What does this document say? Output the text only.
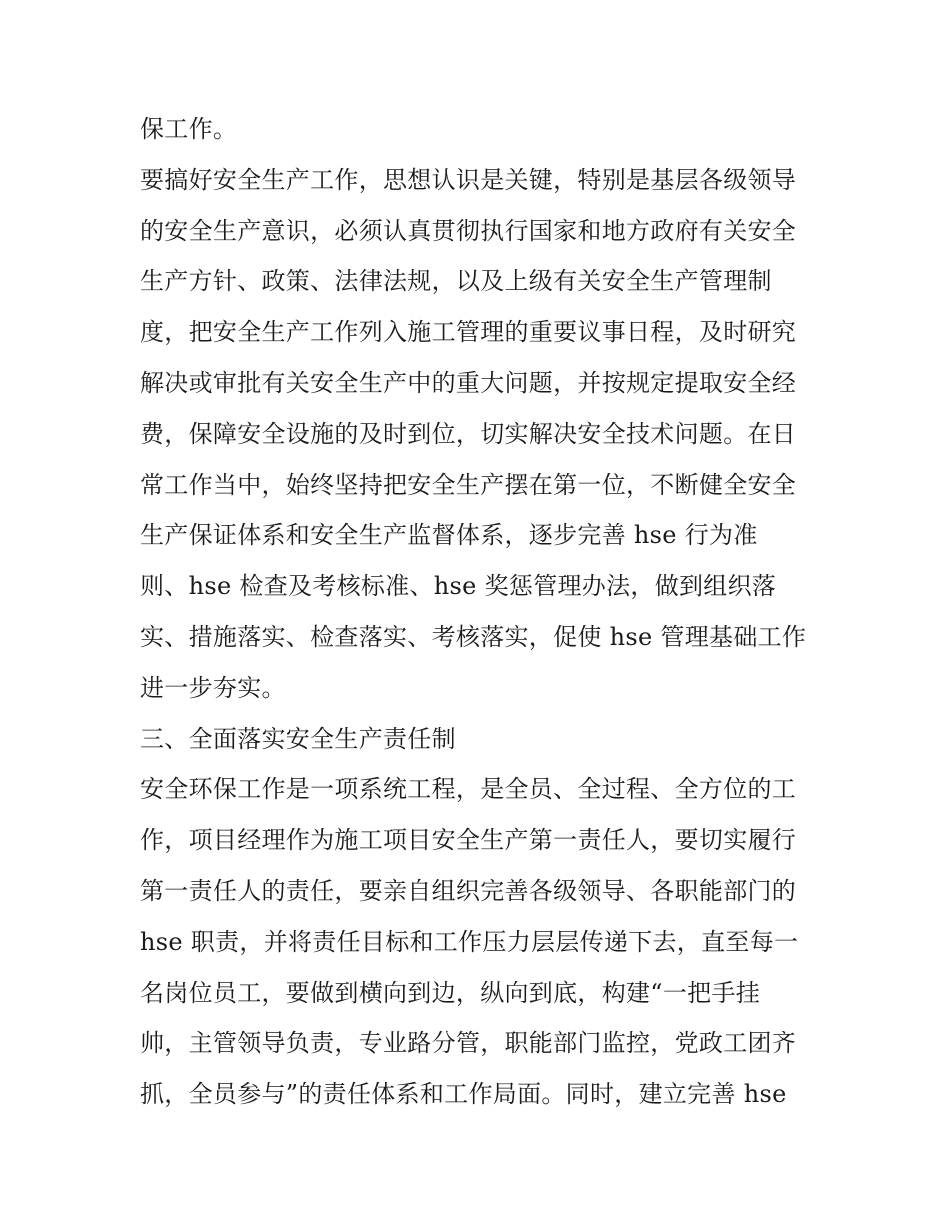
保工作。
要搞好安全生产工作，思想认识是关键，特别是基层各级领导
的安全生产意识，必须认真贯彻执行国家和地方政府有关安全
生产方针、政策、法律法规，以及上级有关安全生产管理制
度，把安全生产工作列入施工管理的重要议事日程，及时研究
解决或审批有关安全生产中的重大问题，并按规定提取安全经
费，保障安全设施的及时到位，切实解决安全技术问题。在日
常工作当中，始终坚持把安全生产摆在第一位，不断健全安全
生产保证体系和安全生产监督体系，逐步完善 hse 行为准
则、hse 检查及考核标准、hse 奖惩管理办法，做到组织落
实、措施落实、检查落实、考核落实，促使 hse 管理基础工作
进一步夯实。
三、全面落实安全生产责任制
安全环保工作是一项系统工程，是全员、全过程、全方位的工
作，项目经理作为施工项目安全生产第一责任人，要切实履行
第一责任人的责任，要亲自组织完善各级领导、各职能部门的
hse 职责，并将责任目标和工作压力层层传递下去，直至每一
名岗位员工，要做到横向到边，纵向到底，构建“一把手挂
帅，主管领导负责，专业路分管，职能部门监控，党政工团齐
抓，全员参与”的责任体系和工作局面。同时，建立完善 hse
